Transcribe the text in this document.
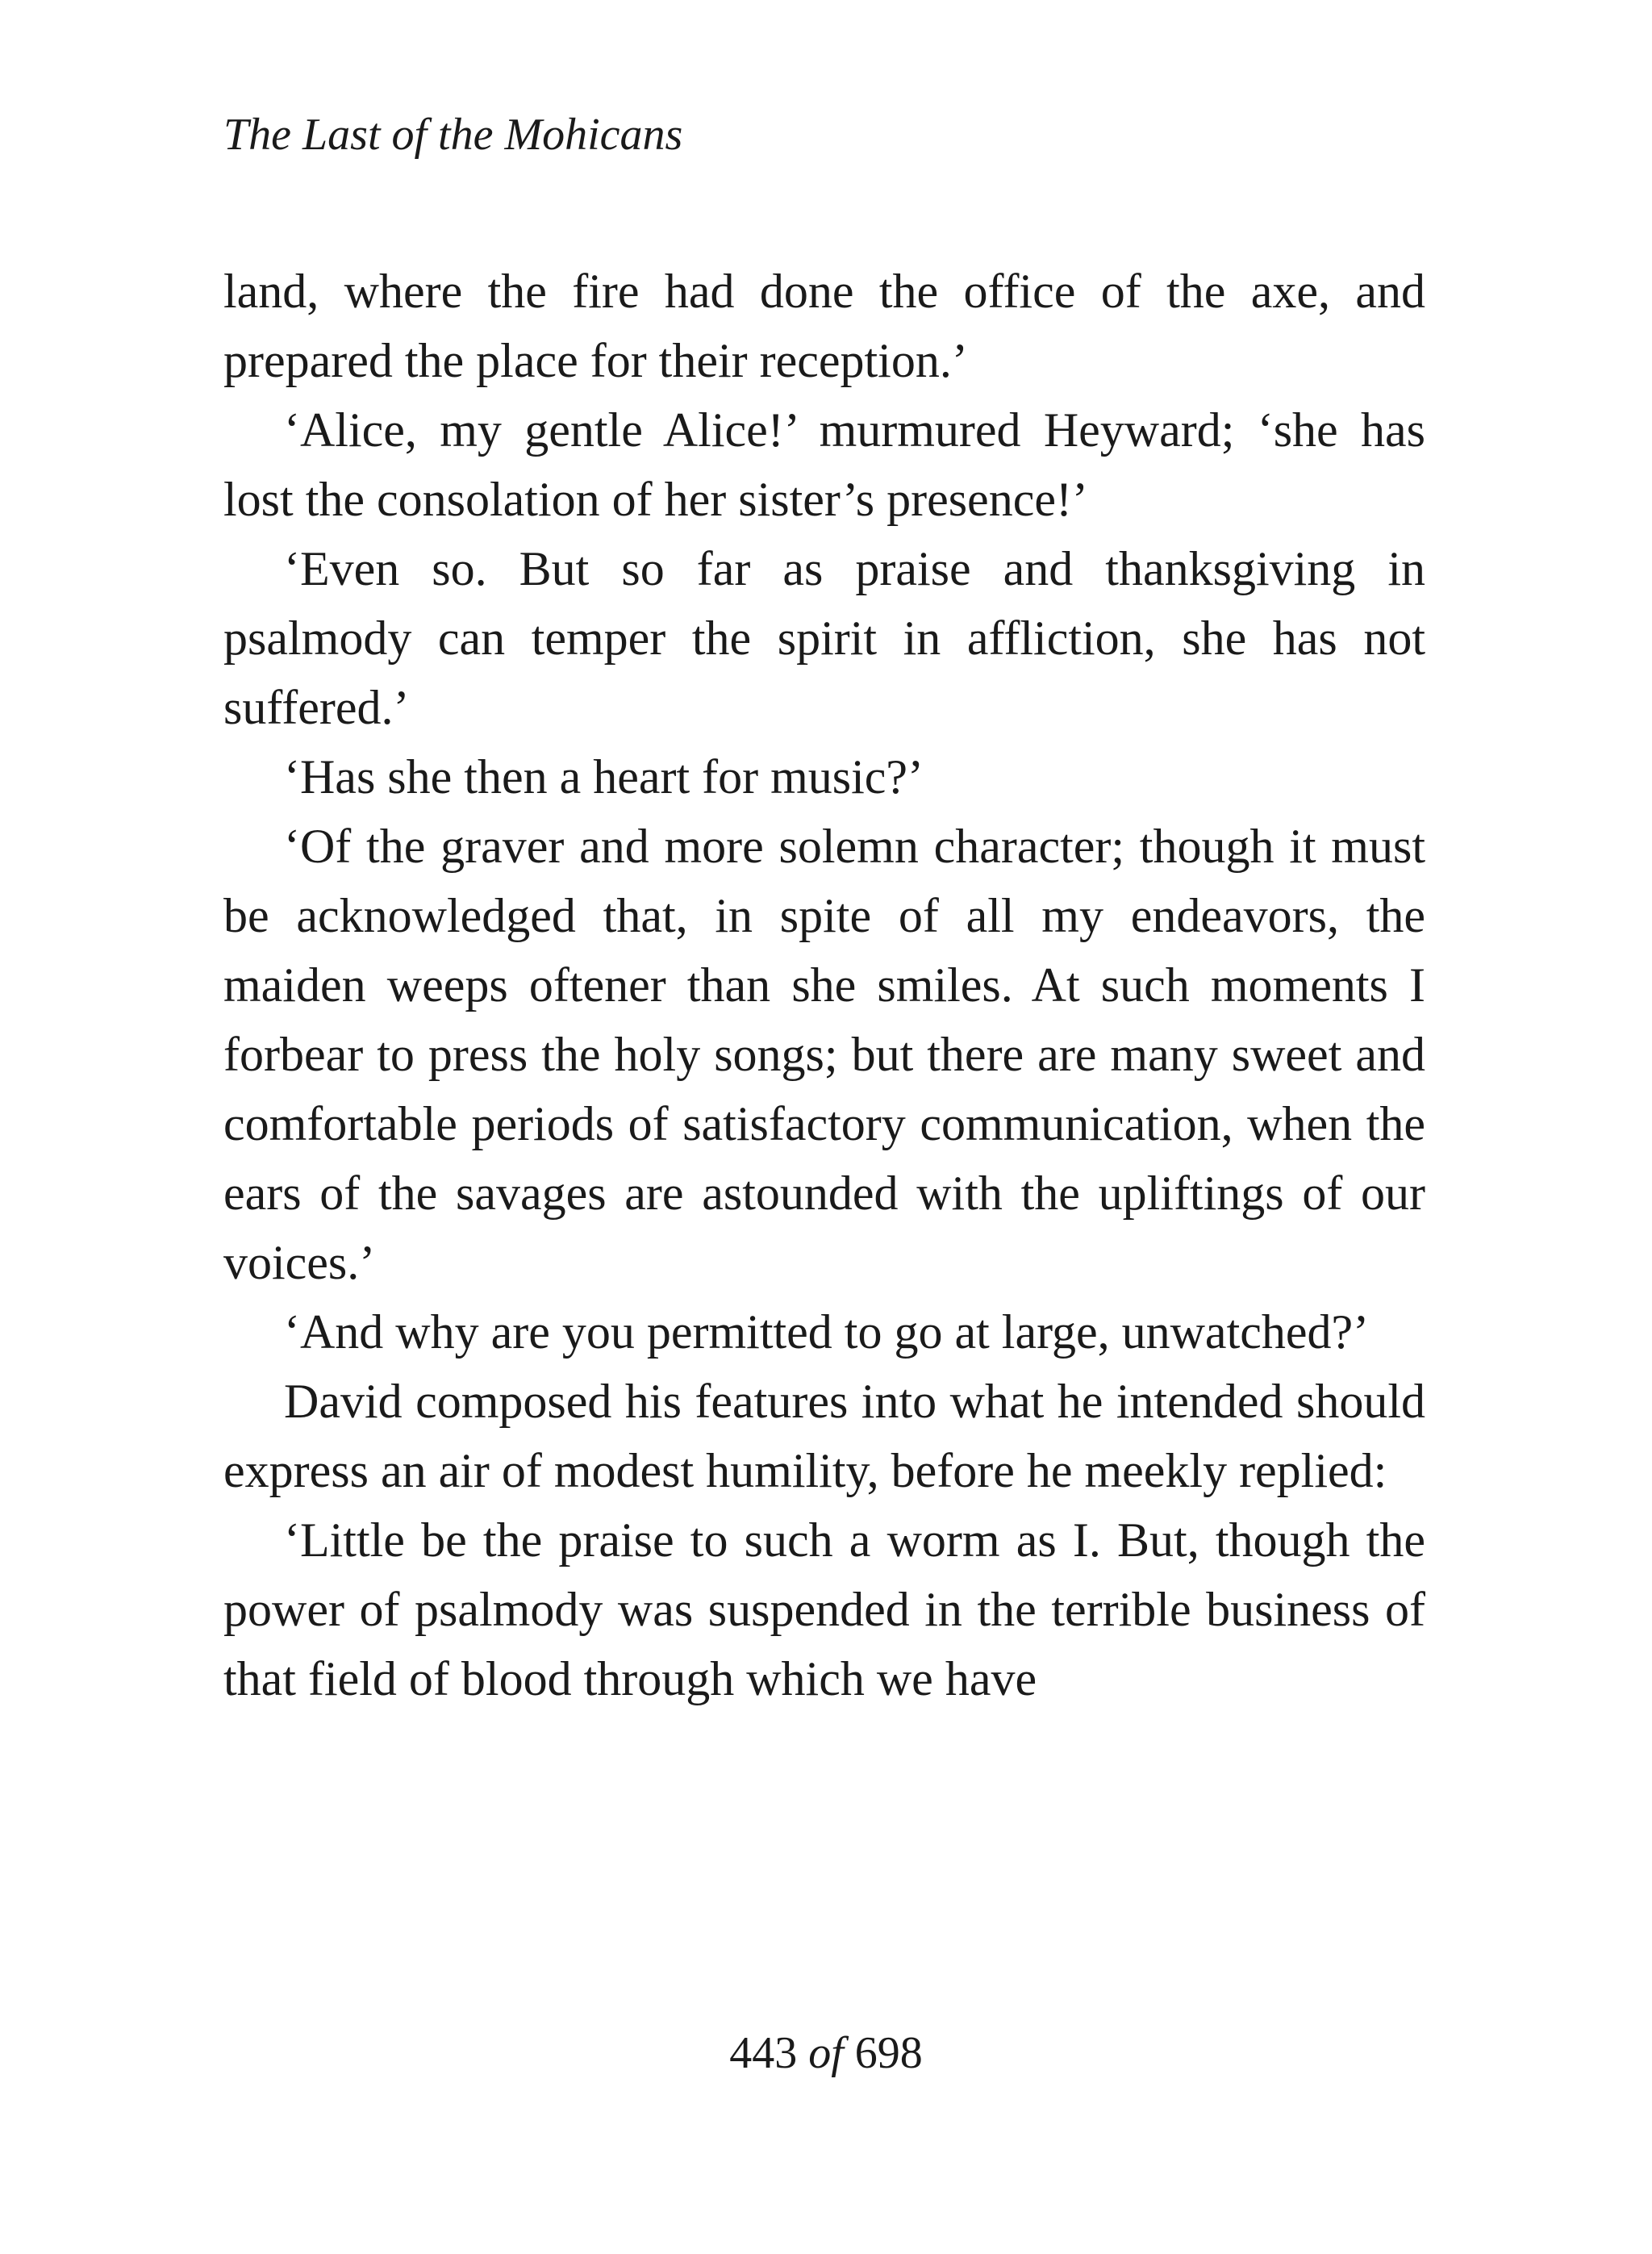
The Last of the Mohicans

land, where the fire had done the office of the axe, and prepared the place for their reception.’

‘Alice, my gentle Alice!’ murmured Heyward; ‘she has lost the consolation of her sister’s presence!’

‘Even so. But so far as praise and thanksgiving in psalmody can temper the spirit in affliction, she has not suffered.’

‘Has she then a heart for music?’

‘Of the graver and more solemn character; though it must be acknowledged that, in spite of all my endeavors, the maiden weeps oftener than she smiles. At such moments I forbear to press the holy songs; but there are many sweet and comfortable periods of satisfactory communication, when the ears of the savages are astounded with the upliftings of our voices.’

‘And why are you permitted to go at large, unwatched?’

David composed his features into what he intended should express an air of modest humility, before he meekly replied:

‘Little be the praise to such a worm as I. But, though the power of psalmody was suspended in the terrible business of that field of blood through which we have

443 of 698
